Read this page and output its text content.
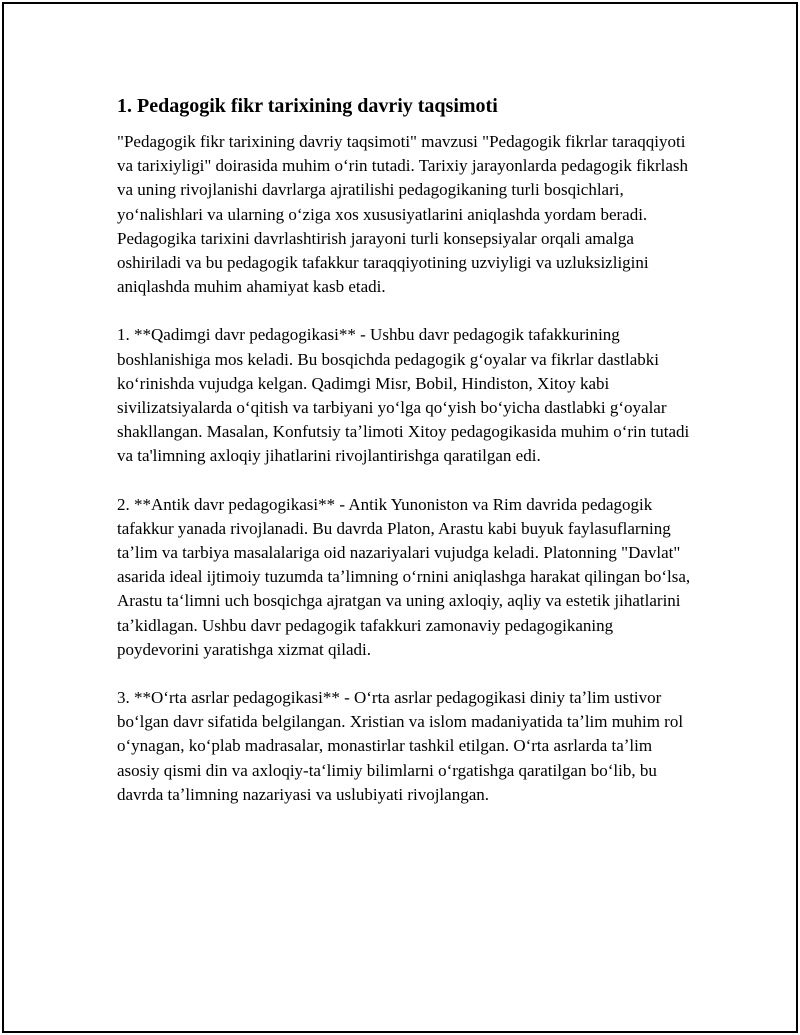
1. Pedagogik fikr tarixining davriy taqsimoti

"Pedagogik fikr tarixining davriy taqsimoti" mavzusi "Pedagogik fikrlar taraqqiyoti va tarixiyligi" doirasida muhim oʻrin tutadi. Tarixiy jarayonlarda pedagogik fikrlash va uning rivojlanishi davrlarga ajratilishi pedagogikaning turli bosqichlari, yoʻnalishlari va ularning oʻziga xos xususiyatlarini aniqlashda yordam beradi. Pedagogika tarixini davrlashtirish jarayoni turli konsepsiyalar orqali amalga oshiriladi va bu pedagogik tafakkur taraqqiyotining uzviyligi va uzluksizligini aniqlashda muhim ahamiyat kasb etadi.

1. **Qadimgi davr pedagogikasi** - Ushbu davr pedagogik tafakkurining boshlanishiga mos keladi. Bu bosqichda pedagogik gʻoyalar va fikrlar dastlabki koʻrinishda vujudga kelgan. Qadimgi Misr, Bobil, Hindiston, Xitoy kabi sivilizatsiyalarda oʻqitish va tarbiyani yoʻlga qoʻyish boʻyicha dastlabki gʻoyalar shakllangan. Masalan, Konfutsiy taʼlimoti Xitoy pedagogikasida muhim oʻrin tutadi va ta'limning axloqiy jihatlarini rivojlantirishga qaratilgan edi.

2. **Antik davr pedagogikasi** - Antik Yunoniston va Rim davrida pedagogik tafakkur yanada rivojlanadi. Bu davrda Platon, Arastu kabi buyuk faylasuflarning taʼlim va tarbiya masalalariga oid nazariyalari vujudga keladi. Platonning "Davlat" asarida ideal ijtimoiy tuzumda taʼlimning oʻrnini aniqlashga harakat qilingan boʻlsa, Arastu taʻlimni uch bosqichga ajratgan va uning axloqiy, aqliy va estetik jihatlarini taʼkidlagan. Ushbu davr pedagogik tafakkuri zamonaviy pedagogikaning poydevorini yaratishga xizmat qiladi.

3. **Oʻrta asrlar pedagogikasi** - Oʻrta asrlar pedagogikasi diniy taʼlim ustivor boʻlgan davr sifatida belgilangan. Xristian va islom madaniyatida taʼlim muhim rol oʻynagan, koʻplab madrasalar, monastirlar tashkil etilgan. Oʻrta asrlarda taʼlim asosiy qismi din va axloqiy-taʻlimiy bilimlarni oʻrgatishga qaratilgan boʻlib, bu davrda taʼlimning nazariyasi va uslubiyati rivojlangan.
